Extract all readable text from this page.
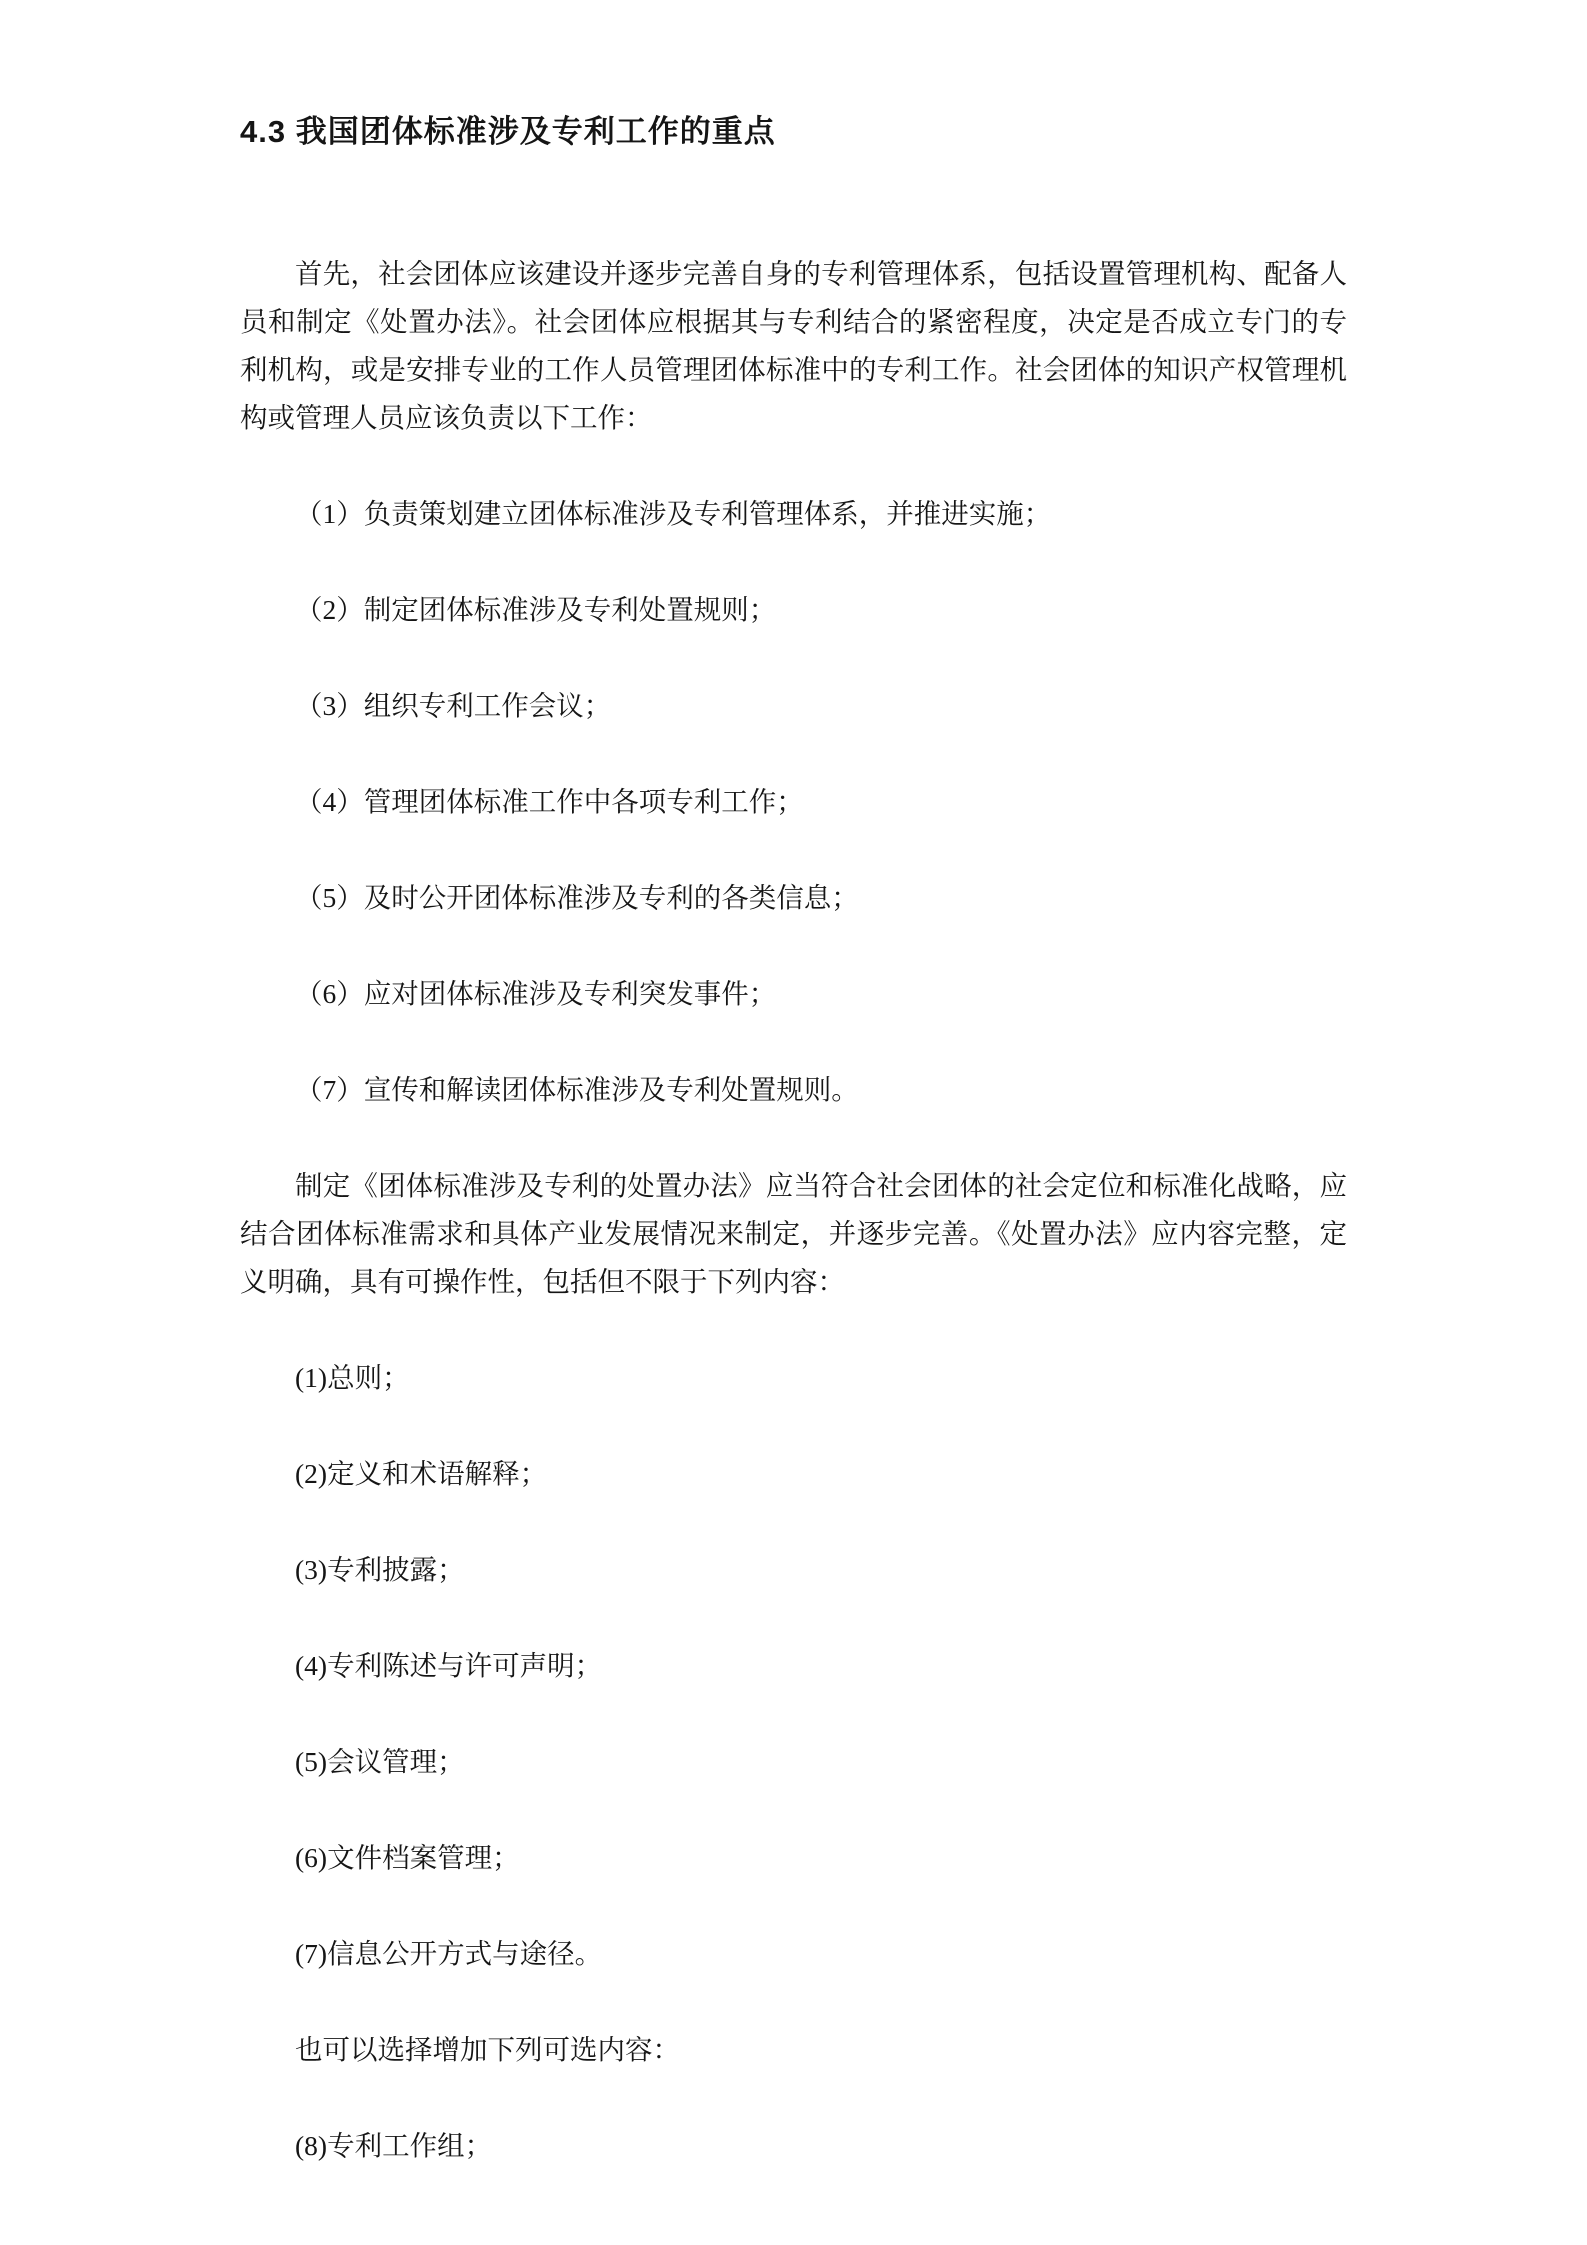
4.3 我国团体标准涉及专利工作的重点

首先，社会团体应该建设并逐步完善自身的专利管理体系，包括设置管理机构、配备人员和制定《处置办法》。社会团体应根据其与专利结合的紧密程度，决定是否成立专门的专利机构，或是安排专业的工作人员管理团体标准中的专利工作。社会团体的知识产权管理机构或管理人员应该负责以下工作：

（1）负责策划建立团体标准涉及专利管理体系，并推进实施；

（2）制定团体标准涉及专利处置规则；

（3）组织专利工作会议；

（4）管理团体标准工作中各项专利工作；

（5）及时公开团体标准涉及专利的各类信息；

（6）应对团体标准涉及专利突发事件；

（7）宣传和解读团体标准涉及专利处置规则。

制定《团体标准涉及专利的处置办法》应当符合社会团体的社会定位和标准化战略，应结合团体标准需求和具体产业发展情况来制定，并逐步完善。《处置办法》应内容完整，定义明确，具有可操作性，包括但不限于下列内容：

(1)总则；

(2)定义和术语解释；

(3)专利披露；

(4)专利陈述与许可声明；

(5)会议管理；

(6)文件档案管理；

(7)信息公开方式与途径。

也可以选择增加下列可选内容：

(8)专利工作组；
